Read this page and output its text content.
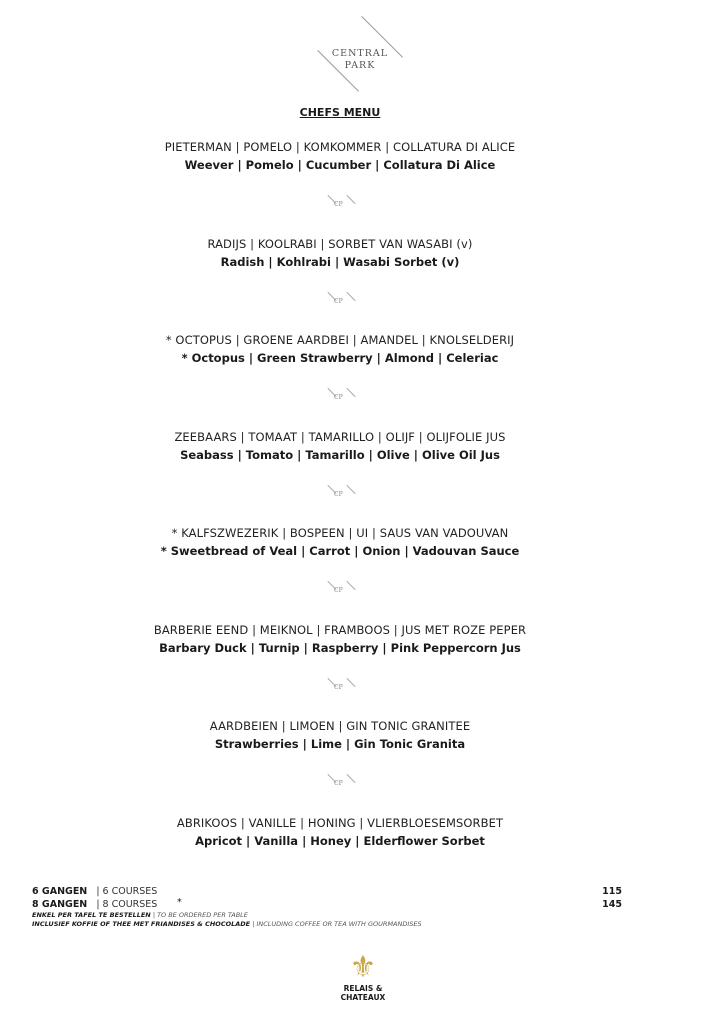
CENTRAL
PARK
CHEFS MENU
PIETERMAN | POMELO | KOMKOMMER | COLLATURA DI ALICE
Weever | Pomelo | Cucumber | Collatura Di Alice
CP
RADIJS | KOOLRABI | SORBET VAN WASABI (v)
Radish | Kohlrabi | Wasabi Sorbet (v)
CP
* OCTOPUS | GROENE AARDBEI | AMANDEL | KNOLSELDERIJ
* Octopus | Green Strawberry | Almond | Celeriac
CP
ZEEBAARS | TOMAAT | TAMARILLO | OLIJF | OLIJFOLIE JUS
Seabass | Tomato | Tamarillo | Olive | Olive Oil Jus
CP
* KALFSZWEZERIK | BOSPEEN | UI | SAUS VAN VADOUVAN
* Sweetbread of Veal | Carrot | Onion | Vadouvan Sauce
CP
BARBERIE EEND | MEIKNOL | FRAMBOOS | JUS MET ROZE PEPER
Barbary Duck | Turnip | Raspberry | Pink Peppercorn Jus
CP
AARDBEIEN | LIMOEN | GIN TONIC GRANITEE
Strawberries | Lime | Gin Tonic Granita
CP
ABRIKOOS | VANILLE | HONING | VLIERBLOESEMSORBET
Apricot | Vanilla | Honey | Elderflower Sorbet
6 GANGEN | 6 COURSES	115
8 GANGEN | 8 COURSES *	145
ENKEL PER TAFEL TE BESTELLEN | TO BE ORDERED PER TABLE
INCLUSIEF KOFFIE OF THEE MET FRIANDISES & CHOCOLADE | INCLUDING COFFEE OR TEA WITH GOURMANDISES
⚜
RELAIS &
CHATEAUX
